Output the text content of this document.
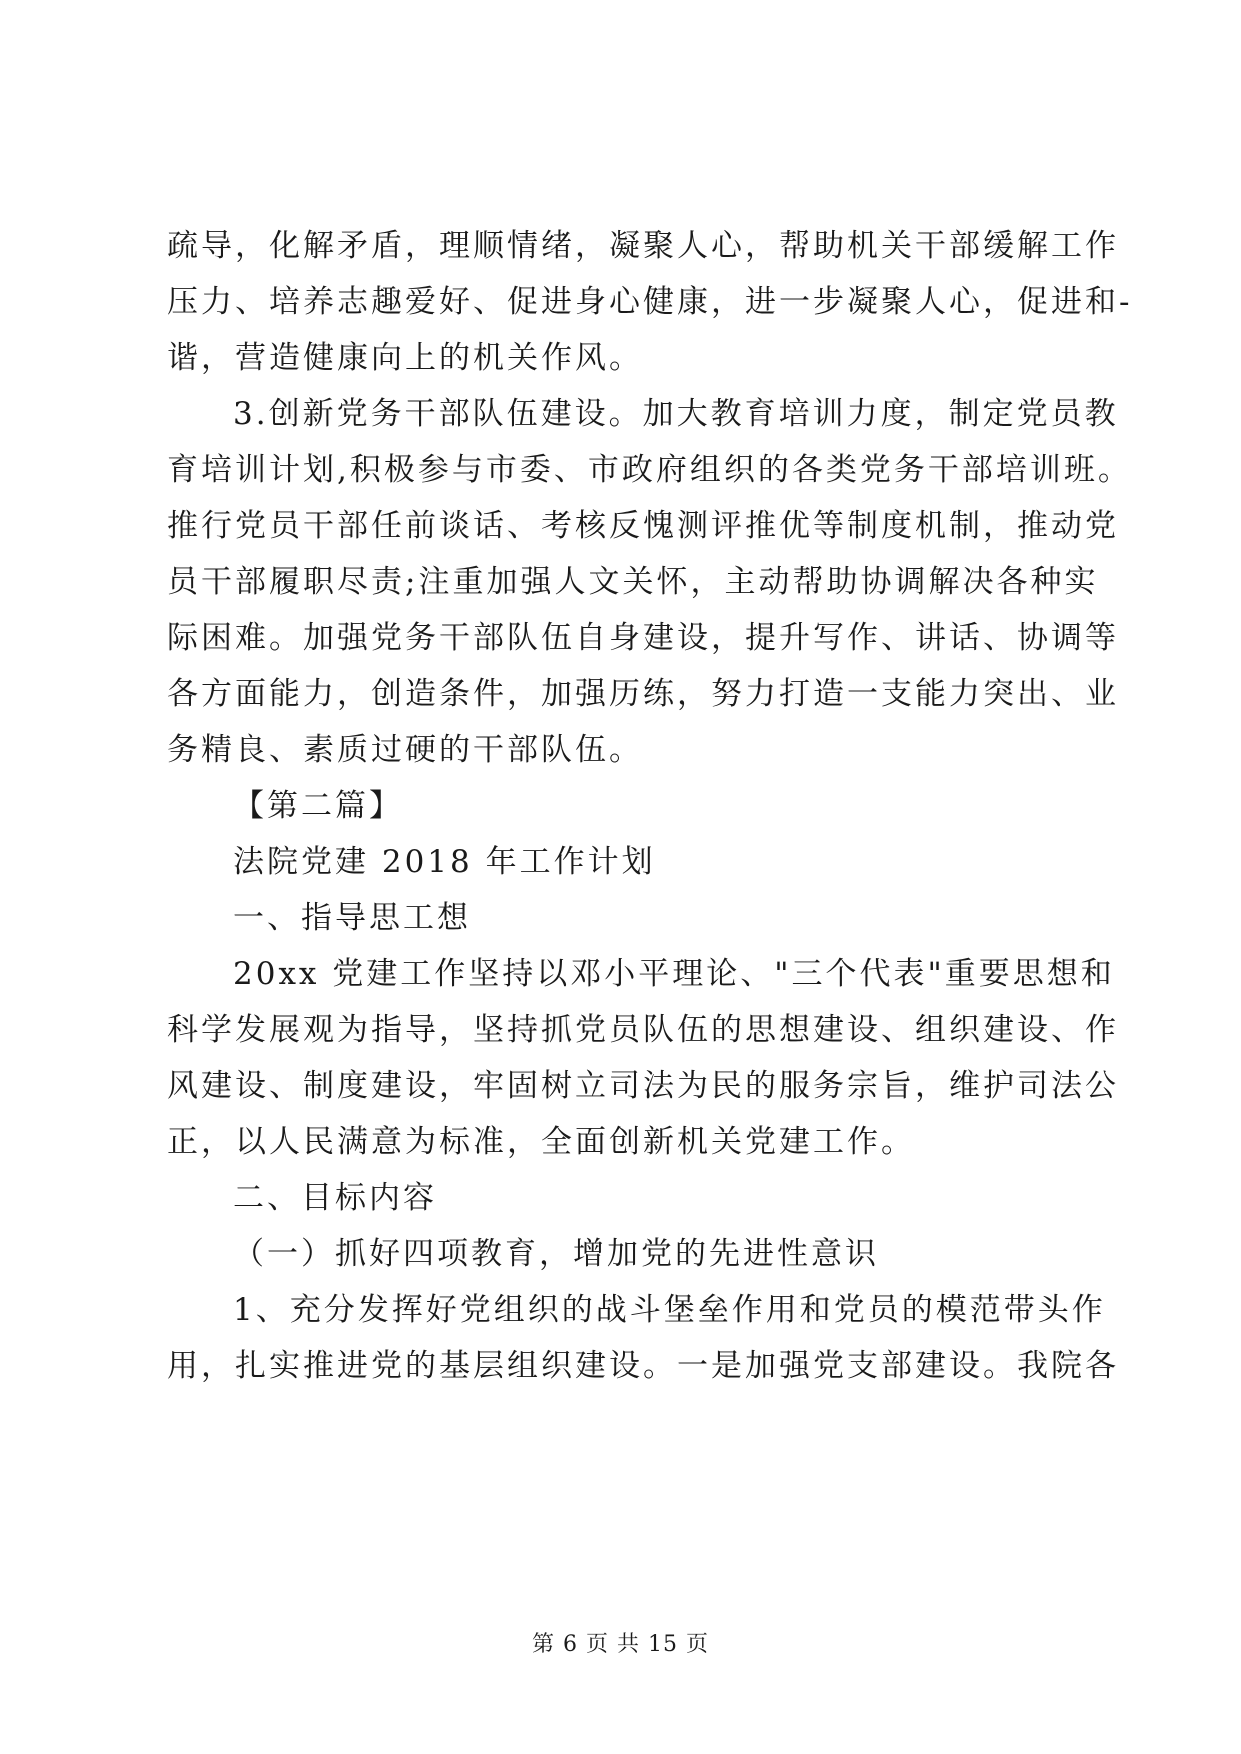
疏导，化解矛盾，理顺情绪，凝聚人心，帮助机关干部缓解工作
压力、培养志趣爱好、促进身心健康，进一步凝聚人心，促进和-
谐，营造健康向上的机关作风。
3.创新党务干部队伍建设。加大教育培训力度，制定党员教
育培训计划,积极参与市委、市政府组织的各类党务干部培训班。
推行党员干部任前谈话、考核反愧测评推优等制度机制，推动党
员干部履职尽责;注重加强人文关怀，主动帮助协调解决各种实
际困难。加强党务干部队伍自身建设，提升写作、讲话、协调等
各方面能力，创造条件，加强历练，努力打造一支能力突出、业
务精良、素质过硬的干部队伍。
【第二篇】
法院党建 2018 年工作计划
一、指导思工想
20xx 党建工作坚持以邓小平理论、"三个代表"重要思想和
科学发展观为指导，坚持抓党员队伍的思想建设、组织建设、作
风建设、制度建设，牢固树立司法为民的服务宗旨，维护司法公
正，以人民满意为标准，全面创新机关党建工作。
二、目标内容
（一）抓好四项教育，增加党的先进性意识
1、充分发挥好党组织的战斗堡垒作用和党员的模范带头作
用，扎实推进党的基层组织建设。一是加强党支部建设。我院各
第 6 页 共 15 页
